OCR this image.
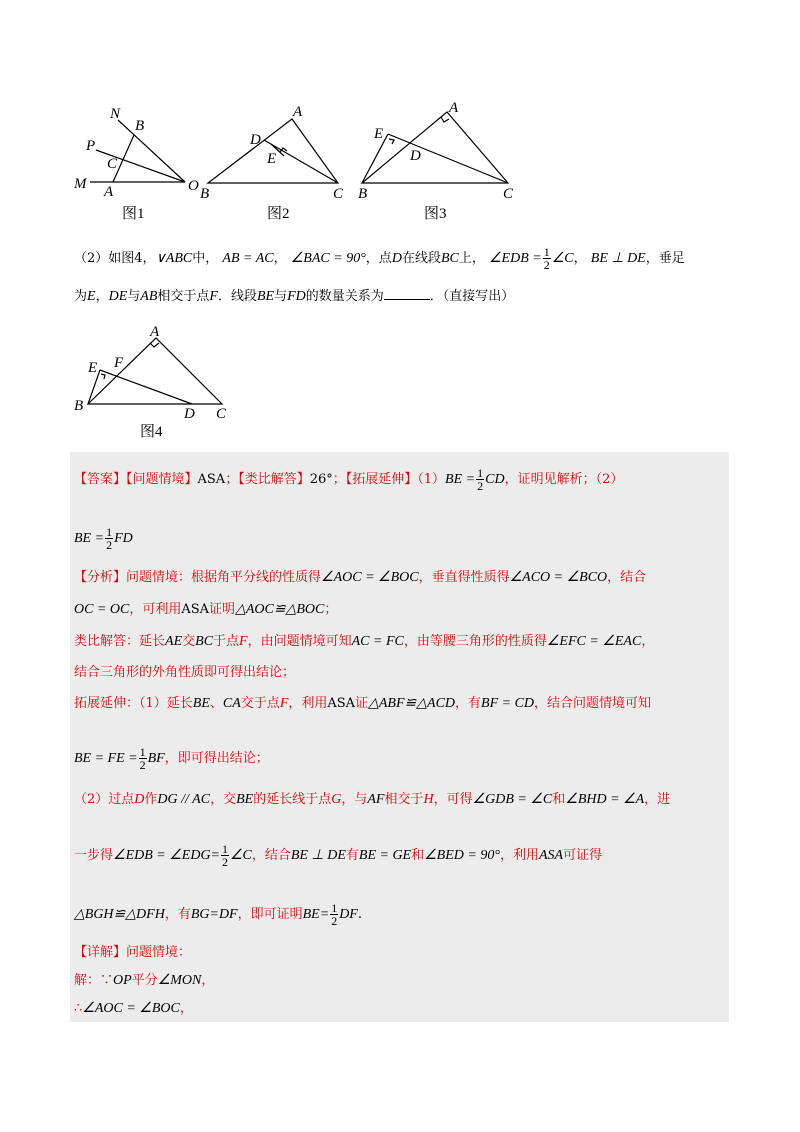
N
B
P
C
M A	O
图1
A
D
E
B	C
图2
A
E
D
B	C
图3
（2）如图4，∨ABC中， AB = AC， ∠BAC = 90°，点D在线段BC上， ∠EDB = $\frac{1}{2}$ ∠C， BE ⊥ DE，垂足
为E，DE与AB相交于点F．线段BE与FD的数量关系为	．（直接写出）
A
E F
B	D C
图4
【答案】【问题情境】ASA；【类比解答】26°；【拓展延伸】$(1)BE = \frac{1}{2}$ CD，证明见解析；（2）
BE = $\frac{1}{2}$ FD
【分析】问题情境：根据角平分线的性质得∠AOC = ∠BOC，垂直得性质得∠ACO = ∠BCO，结合
OC = OC，可利用ASA证明△AOC≌△BOC；
类比解答：延长AE交BC于点F，由问题情境可知AC = FC，由等腰三角形的性质得∠EFC = ∠EAC，
结合三角形的外角性质即可得出结论；
拓展延伸：（1）延长BE、CA交于点F，利用ASA证△ABF≌△ACD，有BF = CD，结合问题情境可知
BE = FE = $\frac{1}{2}$ BF，即可得出结论；
（2）过点D作DG // AC，交BE的延长线于点G，与AF相交于H，可得∠GDB = ∠C和∠BHD = ∠A，进
一步得∠EDB = ∠EDG= $\frac{1}{2}$ ∠C，结合BE ⊥ DE有BE = GE和∠BED = 90°，利用ASA可证得
△BGH≌△DFH，有BG=DF，即可证明$BE= \frac{1}{2}$ DF.
【详解】问题情境：
解：∵OP平分∠MON，
∴∠AOC = ∠BOC，
